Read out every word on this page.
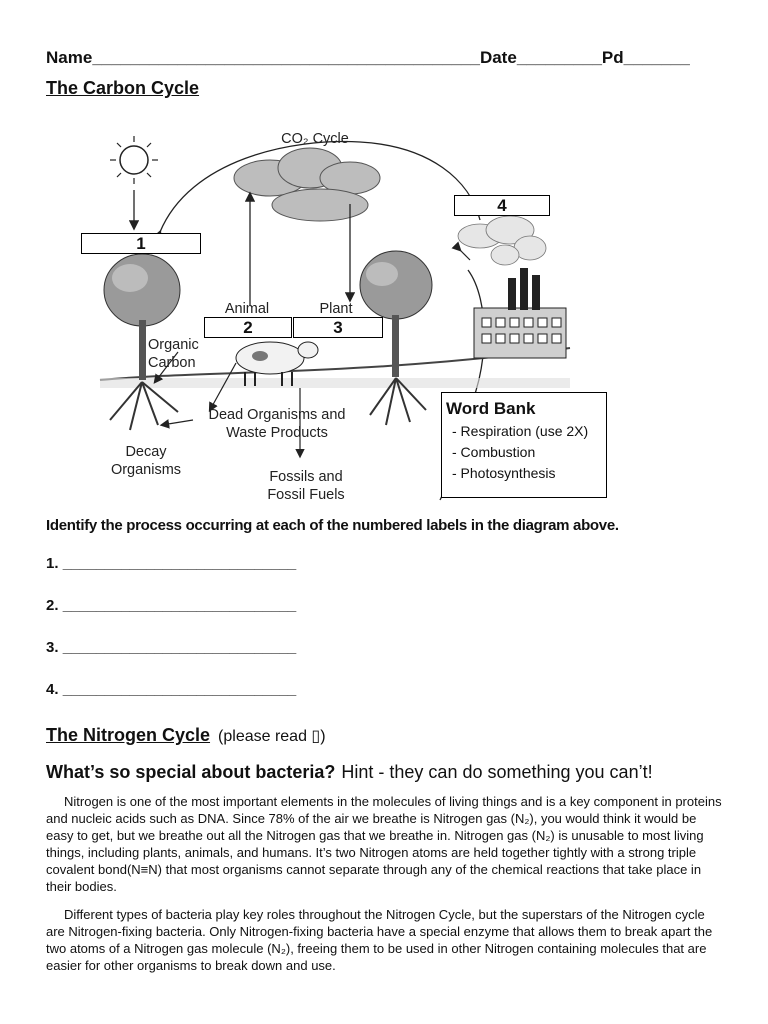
Name_________________________________________Date_________Pd_______
The Carbon Cycle
CO₂ Cycle
1
2	3
4
Animal	Plant
Organic
Carbon
Dead Organisms and
Waste Products
Decay
Organisms	Fossils and
Fossil Fuels
Word Bank
- Respiration (use 2X)
- Combustion
- Photosynthesis
Identify the process occurring at each of the numbered labels in the diagram above.
1. ____________________________
2. ____________________________
3. ____________________________
4. ____________________________
The Nitrogen Cycle (please read ▯)
What’s so special about bacteria? Hint - they can do something you can’t!
Nitrogen is one of the most important elements in the molecules of living things and is a key component in proteins and nucleic acids such as DNA. Since 78% of the air we breathe is Nitrogen gas (N₂), you would think it would be easy to get, but we breathe out all the Nitrogen gas that we breathe in. Nitrogen gas (N₂) is unusable to most living things, including plants, animals, and humans. It’s two Nitrogen atoms are held together tightly with a strong triple covalent bond(N≡N) that most organisms cannot separate through any of the chemical reactions that take place in their bodies.
Different types of bacteria play key roles throughout the Nitrogen Cycle, but the superstars of the Nitrogen cycle are Nitrogen-fixing bacteria. Only Nitrogen-fixing bacteria have a special enzyme that allows them to break apart the two atoms of a Nitrogen gas molecule (N₂), freeing them to be used in other Nitrogen containing molecules that are easier for other organisms to break down and use.
